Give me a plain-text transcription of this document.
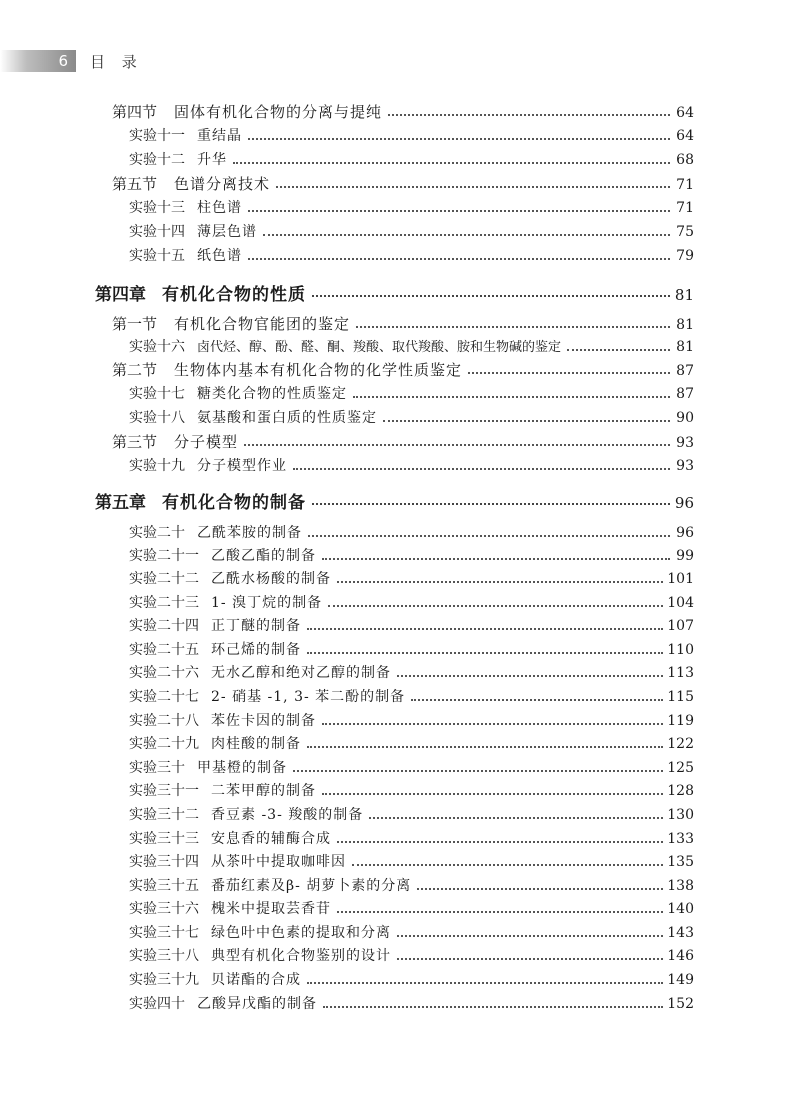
6 目 录
第四节	固体有机化合物的分离与提纯	64
实验十一 重结晶	64
实验十二 升华	68
第五节	色谱分离技术	71
实验十三 柱色谱	71
实验十四 薄层色谱	75
实验十五 纸色谱	79
第四章 有机化合物的性质	81
第一节	有机化合物官能团的鉴定	81
实验十六 卤代烃、醇、酚、醛、酮、羧酸、取代羧酸、胺和生物碱的鉴定	81
第二节	生物体内基本有机化合物的化学性质鉴定	87
实验十七 糖类化合物的性质鉴定	87
实验十八 氨基酸和蛋白质的性质鉴定	90
第三节	分子模型	93
实验十九 分子模型作业	93
第五章 有机化合物的制备	96
实验二十 乙酰苯胺的制备	96
实验二十一 乙酸乙酯的制备	99
实验二十二 乙酰水杨酸的制备	101
实验二十三 1- 溴丁烷的制备	104
实验二十四 正丁醚的制备	107
实验二十五 环己烯的制备	110
实验二十六 无水乙醇和绝对乙醇的制备	113
实验二十七 2- 硝基 -1, 3- 苯二酚的制备	115
实验二十八 苯佐卡因的制备	119
实验二十九 肉桂酸的制备	122
实验三十 甲基橙的制备	125
实验三十一 二苯甲醇的制备	128
实验三十二 香豆素 -3- 羧酸的制备	130
实验三十三 安息香的辅酶合成	133
实验三十四 从茶叶中提取咖啡因	135
实验三十五 番茄红素及β- 胡萝卜素的分离	138
实验三十六 槐米中提取芸香苷	140
实验三十七 绿色叶中色素的提取和分离	143
实验三十八 典型有机化合物鉴别的设计	146
实验三十九 贝诺酯的合成	149
实验四十 乙酸异戊酯的制备	152
